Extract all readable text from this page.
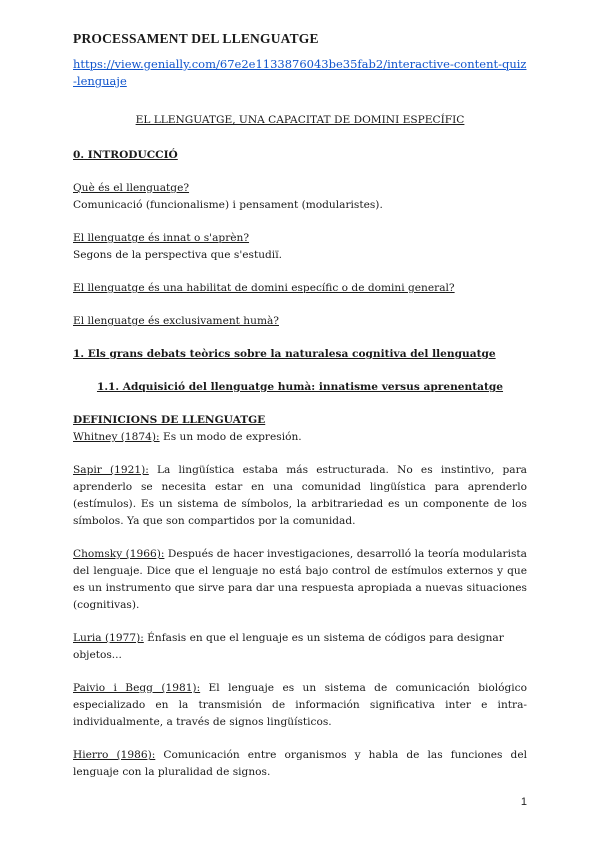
PROCESSAMENT DEL LLENGUATGE
https://view.genially.com/67e2e1133876043be35fab2/interactive-content-quiz-lenguaje

EL LLENGUATGE, UNA CAPACITAT DE DOMINI ESPECÍFIC

0. INTRODUCCIÓ

Què és el llenguatge?

Comunicació (funcionalisme) i pensament (modularistes).

El llenguatge és innat o s'aprèn?

Segons de la perspectiva que s'estudiï.

El llenguatge és una habilitat de domini específic o de domini general?

El llenguatge és exclusivament humà?

1. Els grans debats teòrics sobre la naturalesa cognitiva del llenguatge

1.1. Adquisició del llenguatge humà: innatisme versus aprenentatge

DEFINICIONS DE LLENGUATGE

Whitney (1874): Es un modo de expresión.

Sapir (1921): La lingüística estaba más estructurada. No es instintivo, para aprenderlo se necesita estar en una comunidad lingüística para aprenderlo (estímulos). Es un sistema de símbolos, la arbitrariedad es un componente de los símbolos. Ya que son compartidos por la comunidad.

Chomsky (1966): Después de hacer investigaciones, desarrolló la teoría modularista del lenguaje. Dice que el lenguaje no está bajo control de estímulos externos y que es un instrumento que sirve para dar una respuesta apropiada a nuevas situaciones (cognitivas).

Luria (1977): Énfasis en que el lenguaje es un sistema de códigos para designar objetos...

Paivio i Begg (1981): El lenguaje es un sistema de comunicación biológico especializado en la transmisión de información significativa inter e intra-individualmente, a través de signos lingüísticos.

Hierro (1986): Comunicación entre organismos y habla de las funciones del lenguaje con la pluralidad de signos.

1
